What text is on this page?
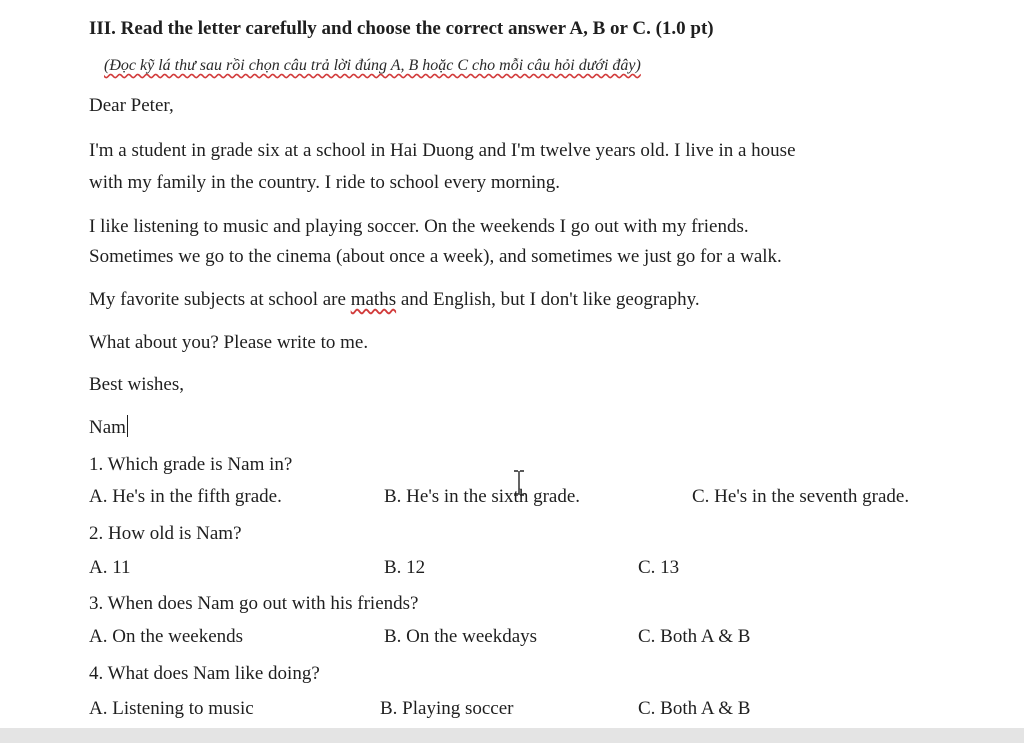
III. Read the letter carefully and choose the correct answer A, B or C. (1.0 pt)
(Đọc kỹ lá thư sau rồi chọn câu trả lời đúng A, B hoặc C cho mỗi câu hỏi dưới đây)
Dear Peter,
I'm a student in grade six at a school in Hai Duong and I'm twelve years old. I live in a house
with my family in the country. I ride to school every morning.
I like listening to music and playing soccer. On the weekends I go out with my friends.
Sometimes we go to the cinema (about once a week), and sometimes we just go for a walk.
My favorite subjects at school are maths and English, but I don't like geography.
What about you? Please write to me.
Best wishes,
Nam
1. Which grade is Nam in?
A. He's in the fifth grade.	B. He's in the sixth grade.	C. He's in the seventh grade.
2. How old is Nam?
A. 11	B. 12	C. 13
3. When does Nam go out with his friends?
A. On the weekends	B. On the weekdays	C. Both A & B
4. What does Nam like doing?
A. Listening to music	B. Playing soccer	C. Both A & B
